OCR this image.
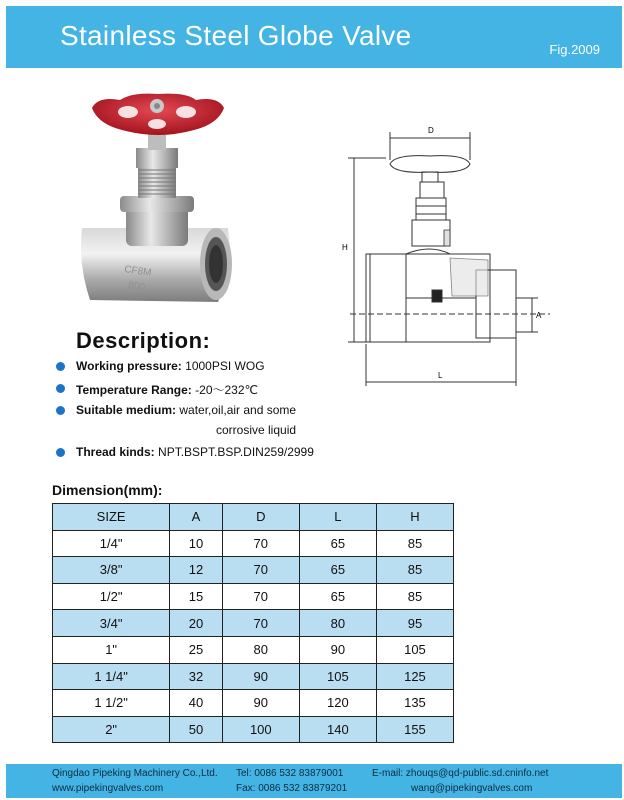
Stainless Steel Globe Valve	Fig.2009
CF8M
800
D
H
A
L
Description:
Working pressure: 1000PSI WOG
Temperature Range: -20〜232℃
Suitable medium: water,oil,air and some
corrosive liquid
Thread kinds: NPT.BSPT.BSP.DIN259/2999
Dimension(mm):
SIZE	A	D	L	H
1/4"	10	70	65	85
3/8"	12	70	65	85
1/2"	15	70	65	85
3/4"	20	70	80	95
1"	25	80	90	105
1 1/4"	32	90	105	125
1 1/2"	40	90	120	135
2"	50	100	140	155
Qingdao Pipeking Machinery Co.,Ltd. Tel: 0086 532 83879001	E-mail: zhouqs@qd-public.sd.cninfo.net
www.pipekingvalves.com	Fax: 0086 532 83879201	wang@pipekingvalves.com
